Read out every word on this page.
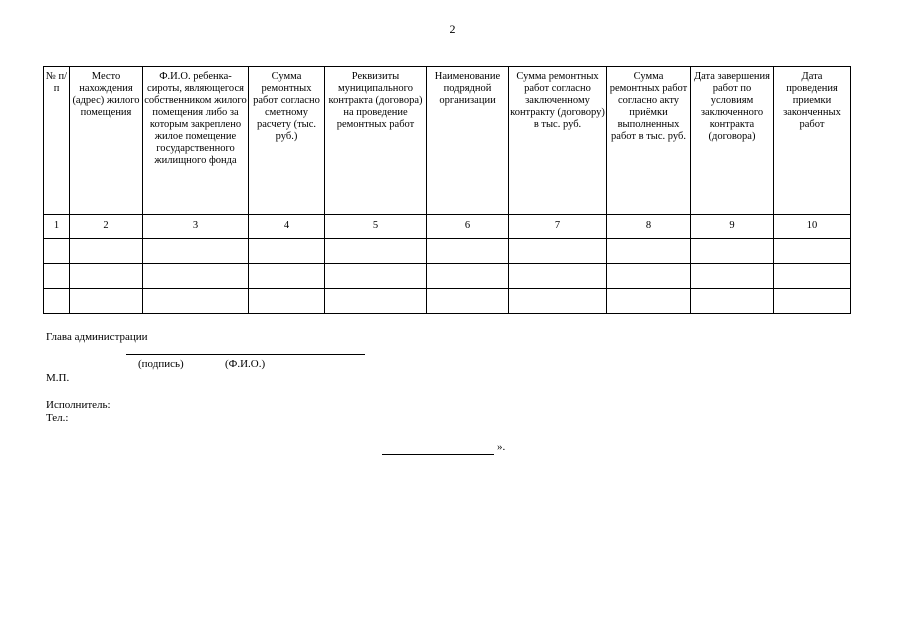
2
№ п/п	Место нахождения (адрес) жилого помещения	Ф.И.О. ребенка-сироты, являющегося собственником жилого помещения либо за которым закреплено жилое помещение государственного жилищного фонда	Сумма ремонтных работ согласно сметному расчету (тыс. руб.)	Реквизиты муниципального контракта (договора) на проведение ремонтных работ	Наименование подрядной организации	Сумма ремонтных работ согласно заключенному контракту (договору) в тыс. руб.	Сумма ремонтных работ согласно акту приёмки выполненных работ в тыс. руб.	Дата завершения работ по условиям заключенного контракта (договора)	Дата проведения приемки законченных работ
1	2	3	4	5	6	7	8	9	10

Глава администрации
(подпись)	(Ф.И.О.)
М.П.
Исполнитель:
Тел.:
».
